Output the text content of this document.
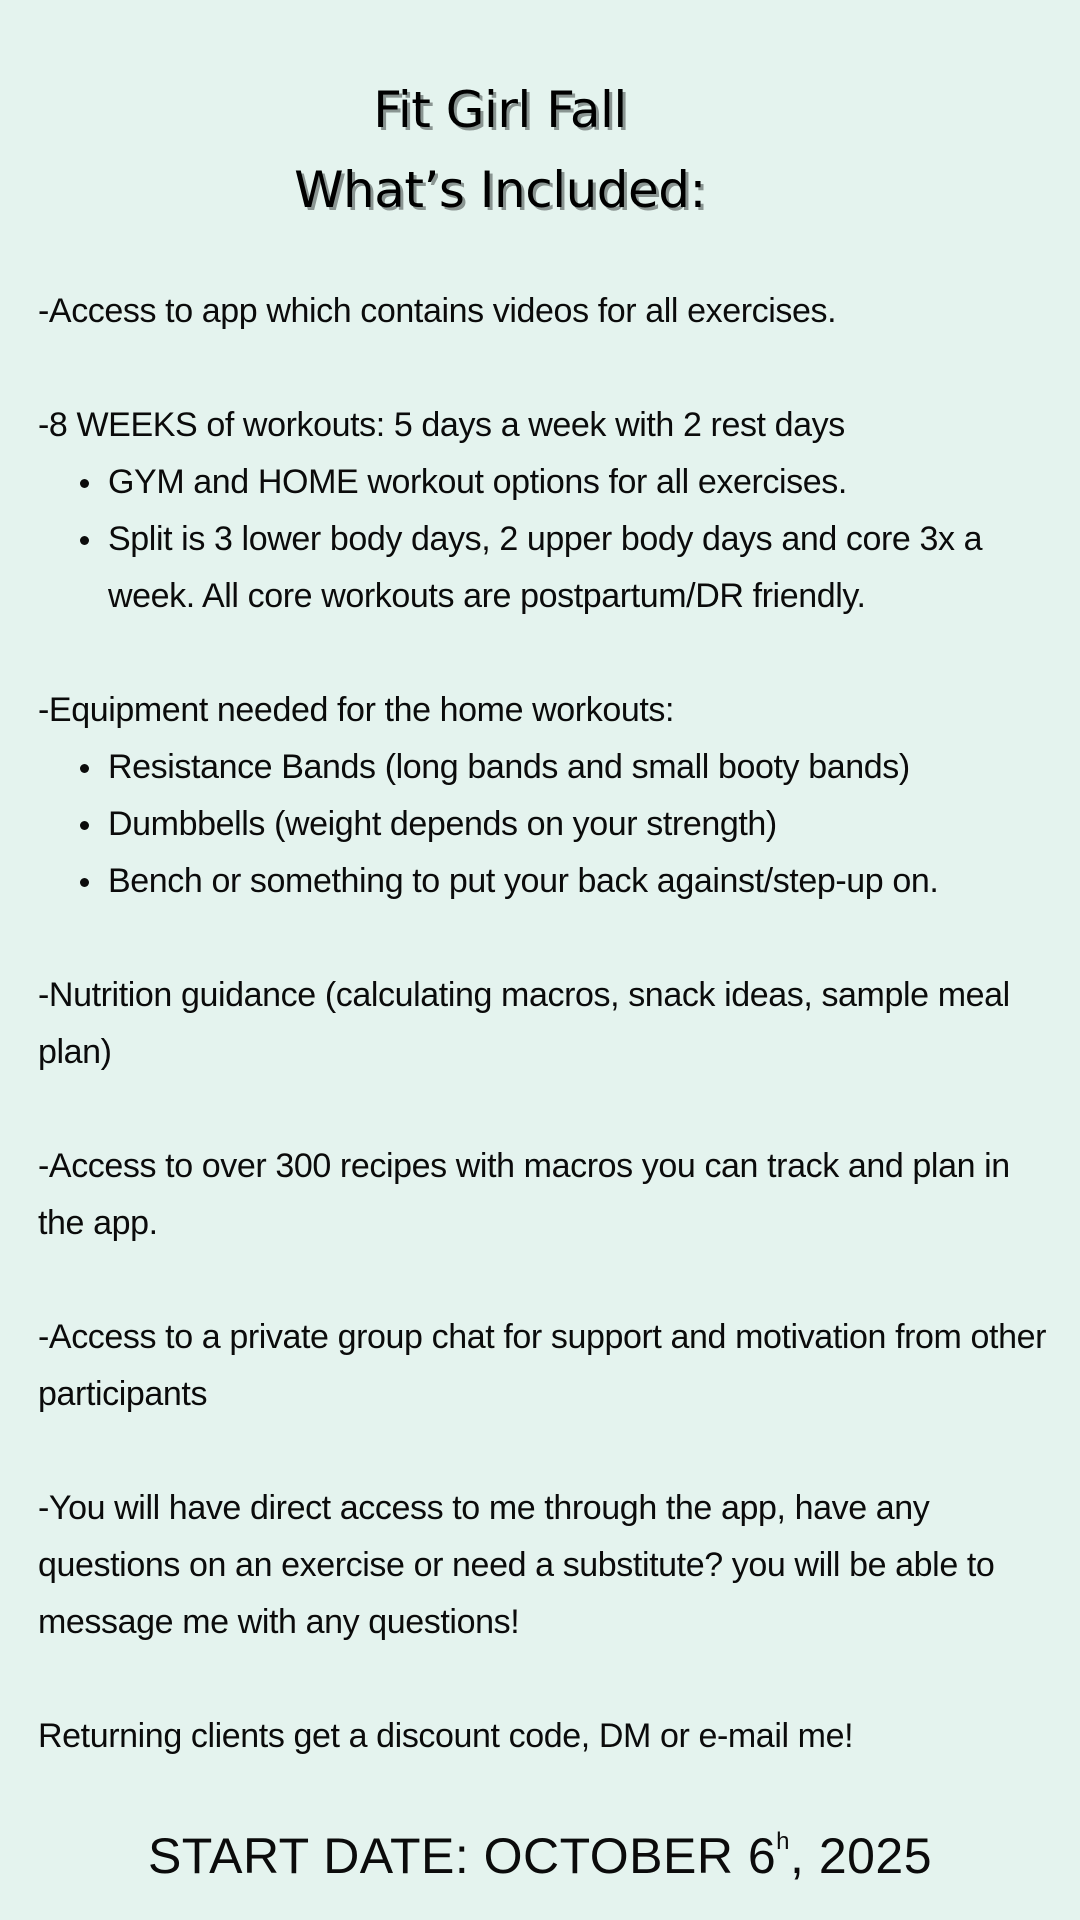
Fit Girl Fall
What’s Included:

-Access to app which contains videos for all exercises.

-8 WEEKS of workouts: 5 days a week with 2 rest days

GYM and HOME workout options for all exercises.
Split is 3 lower body days, 2 upper body days and core 3x a week. All core workouts are postpartum/DR friendly.

-Equipment needed for the home workouts:

Resistance Bands (long bands and small booty bands)
Dumbbells (weight depends on your strength)
Bench or something to put your back against/step-up on.

-Nutrition guidance (calculating macros, snack ideas, sample meal plan)

-Access to over 300 recipes with macros you can track and plan in the app.

-Access to a private group chat for support and motivation from other participants

-You will have direct access to me through the app, have any questions on an exercise or need a substitute? you will be able to message me with any questions!

Returning clients get a discount code, DM or e-mail me!

START DATE: OCTOBER 6$^h$, 2025
